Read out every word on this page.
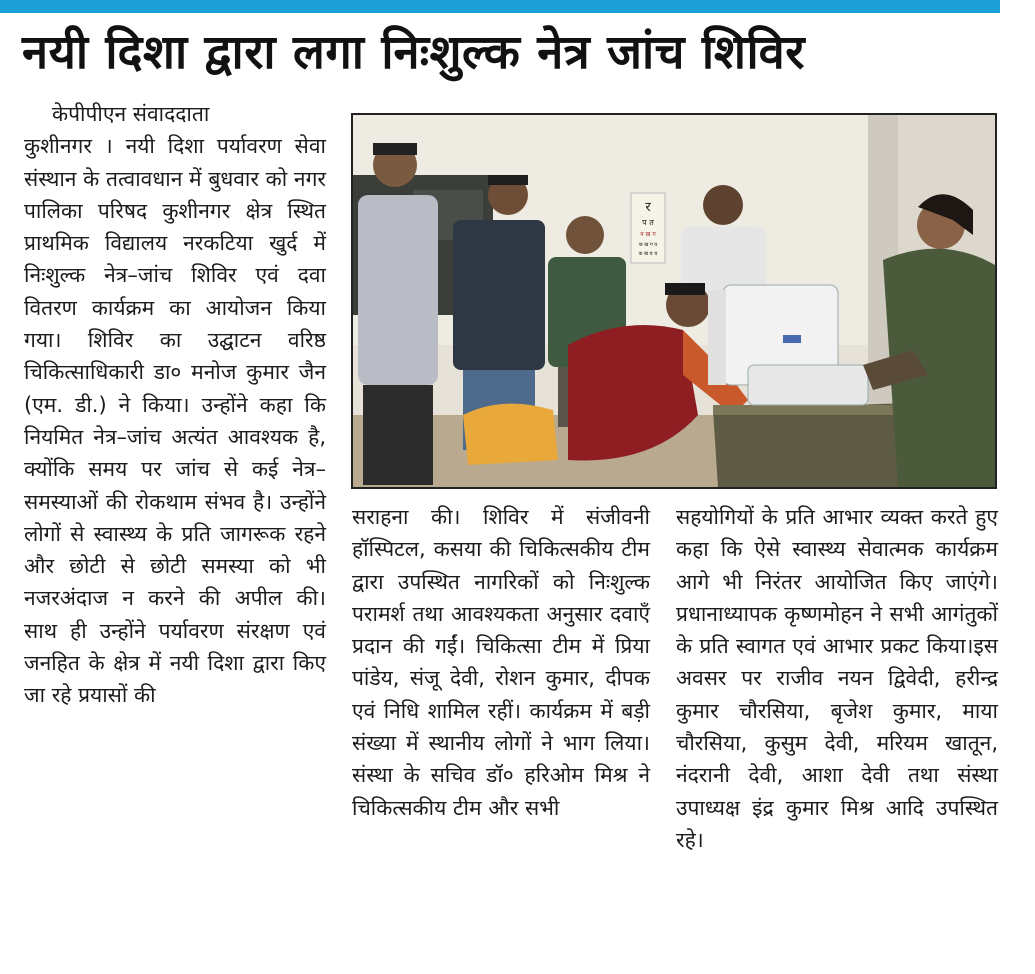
नयी दिशा द्वारा लगा निःशुल्क नेत्र जांच शिविर
केपीपीएन संवाददाता

कुशीनगर । नयी दिशा पर्यावरण सेवा संस्थान के तत्वावधान में बुधवार को नगर पालिका परिषद कुशीनगर क्षेत्र स्थित प्राथमिक विद्यालय नरकटिया खुर्द में निःशुल्क नेत्र–जांच शिविर एवं दवा वितरण कार्यक्रम का आयोजन किया गया। शिविर का उद्घाटन वरिष्ठ चिकित्साधिकारी डा० मनोज कुमार जैन (एम. डी.) ने किया। उन्होंने कहा कि नियमित नेत्र–जांच अत्यंत आवश्यक है, क्योंकि समय पर जांच से कई नेत्र–समस्याओं की रोकथाम संभव है। उन्होंने लोगों से स्वास्थ्य के प्रति जागरूक रहने और छोटी से छोटी समस्या को भी नजरअंदाज न करने की अपील की। साथ ही उन्होंने पर्यावरण संरक्षण एवं जनहित के क्षेत्र में नयी दिशा द्वारा किए जा रहे प्रयासों की

र
प त
न ख ग
क ख ग व
क ख घ च

सराहना की। शिविर में संजीवनी हॉस्पिटल, कसया की चिकित्सकीय टीम द्वारा उपस्थित नागरिकों को निःशुल्क परामर्श तथा आवश्यकता अनुसार दवाएँ प्रदान की गईं। चिकित्सा टीम में प्रिया पांडेय, संजू देवी, रोशन कुमार, दीपक एवं निधि शामिल रहीं। कार्यक्रम में बड़ी संख्या में स्थानीय लोगों ने भाग लिया। संस्था के सचिव डॉ० हरिओम मिश्र ने चिकित्सकीय टीम और सभी

सहयोगियों के प्रति आभार व्यक्त करते हुए कहा कि ऐसे स्वास्थ्य सेवात्मक कार्यक्रम आगे भी निरंतर आयोजित किए जाएंगे। प्रधानाध्यापक कृष्णमोहन ने सभी आगंतुकों के प्रति स्वागत एवं आभार प्रकट किया।इस अवसर पर राजीव नयन द्विवेदी, हरीन्द्र कुमार चौरसिया, बृजेश कुमार, माया चौरसिया, कुसुम देवी, मरियम खातून, नंदरानी देवी, आशा देवी तथा संस्था उपाध्यक्ष इंद्र कुमार मिश्र आदि उपस्थित रहे।
